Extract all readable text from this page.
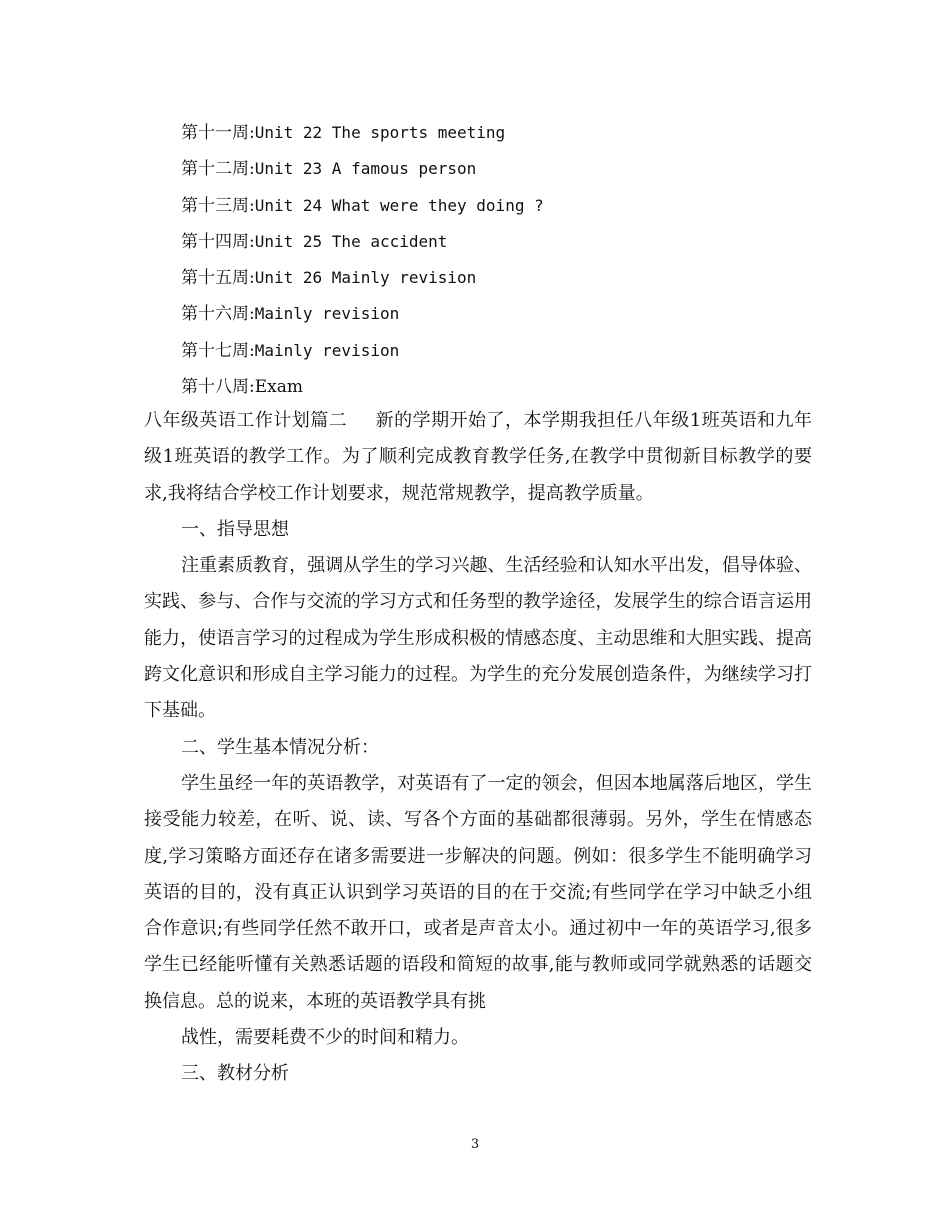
第十一周:Unit 22 The sports meeting
第十二周:Unit 23 A famous person
第十三周:Unit 24 What were they doing ?
第十四周:Unit 25 The accident
第十五周:Unit 26 Mainly revision
第十六周:Mainly revision
第十七周:Mainly revision
第十八周:Exam

八年级英语工作计划篇二 新的学期开始了，本学期我担任八年级1班英语和九年级1班英语的教学工作。为了顺利完成教育教学任务,在教学中贯彻新目标教学的要求,我将结合学校工作计划要求，规范常规教学，提高教学质量。

一、指导思想

注重素质教育，强调从学生的学习兴趣、生活经验和认知水平出发，倡导体验、实践、参与、合作与交流的学习方式和任务型的教学途径，发展学生的综合语言运用能力，使语言学习的过程成为学生形成积极的情感态度、主动思维和大胆实践、提高跨文化意识和形成自主学习能力的过程。为学生的充分发展创造条件，为继续学习打下基础。

二、学生基本情况分析：

学生虽经一年的英语教学，对英语有了一定的领会，但因本地属落后地区，学生接受能力较差，在听、说、读、写各个方面的基础都很薄弱。另外，学生在情感态度,学习策略方面还存在诸多需要进一步解决的问题。例如：很多学生不能明确学习英语的目的，没有真正认识到学习英语的目的在于交流;有些同学在学习中缺乏小组合作意识;有些同学任然不敢开口，或者是声音太小。通过初中一年的英语学习,很多学生已经能听懂有关熟悉话题的语段和简短的故事,能与教师或同学就熟悉的话题交换信息。总的说来，本班的英语教学具有挑

战性，需要耗费不少的时间和精力。

三、教材分析

3
